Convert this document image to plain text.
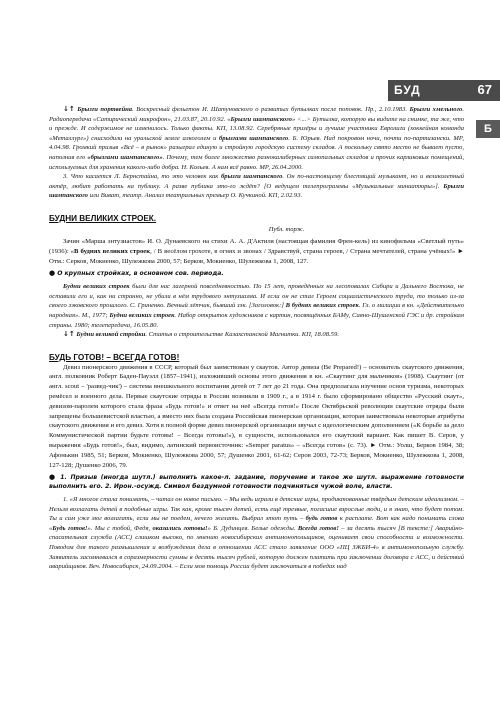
БУД	67
Б

↓↑ Брызги портвейна. Воскресный фельетон И. Шатуновского о развитых бутылках после поповок. Пр., 2.10.1983. Брызги хмельного. Радиопередача «Сатирический микрофон», 21.03.87, 20.10.92. «Брызги шампанского» <...> Бутылка, которую вы видите на снимке, та же, что и прежде. И содержимое не изменилось. Только факты. КП, 13.08.92. Серебряные призёры и лучшие участники Евролиги (хоккейная команда «Металлург») снисходили на уральской земле алкоголем и брызгами шампанского. Б. Юрьев. Над покровом ночи, почти по-партизански. МР, 4.04.98. Громкий призыв «Всё – в рынок» разыграл единую и стройную городскую систему складов. А поскольку свято место не бывает пусто, наполнив его «брызгами шампанского». Почему, тем более множество разнокалиберных самопальных складов и прочих карликовых помещений, используемых для хранения какого-либо добра. Н. Кольев. А нам всё равно. МР, 26.04.2000.

3. Что касается Л. Бернстайна, то это человек как брызги шампанского. Он по-настоящему блестящий музыкант, но и великолепный актёр, любит работать на публику. А разве публика это-го ждёт? [О ведущем телепрограммы «Музыкальные миниатюры»]. Брызги шампанского или Виват, театр. Анализ театральных премьер О. Кучкиной. КП, 2.02.93.

БУДНИ ВЕЛИКИХ СТРОЕК.
Публ. торж.

Зачин «Марша энтузиастов» И. О. Дунаевского на стихи А. А. Д'Актиля (настоящая фамилия Френ-кель) из кинофильма «Светлый путь» (1936): «В буднях великих строек, / В весёлом грохоте, в огнях и звонах / Здравствуй, страна героев, / Страна мечтателей, страна учёных!» ► Отм.: Серков, Мокиенко, Шулежкова 2000, 57; Берков, Мокиенко, Шулежкова 1, 2008, 127.

● О крупных стройках, в основном сов. периода.

Будни великих строек были для нас лагерной повседневностью. По 15 лет, проведённых на лесоповалах Сибири и Дальнего Востока, не оставили его и, как ни странно, не убили в нём трудового энтузиазма. И если он не стал Героем социалистического труда, то только из-за своего зэковского прошлого. С. Гриненко. Вечный лётчик, бывший зэк. [Заголовок:] В буднях великих строек. Гл. о милиции в кн. «Действительно народная». М., 1977; Будни великих строек. Набор открыток художников с картин, посвящённых БАМу, Саяно-Шушенской ГЭС и др. стройкам страны. 1980; телепередача, 16.05.80.

↓↑ Будни великой стройки. Статья о строительстве Казахстанской Магнитки. КП, 18.08.59.

БУДЬ ГОТОВ! – ВСЕГДА ГОТОВ!

Девиз пионерского движения в СССР, который был заимствован у скаутов. Автор девиза (Be Prepared!) – основатель скаутского движения, англ. полковник Роберт Баден-Пауэлл (1857–1941), изложивший основы этого движения в кн. «Скаутинг для мальчиков» (1908). Скаутинг (от англ. scout – 'развед-чик') – система внешкольного воспитания детей от 7 лет до 21 года. Она предполагала изучение основ туризма, некоторых ремёсел и военного дела. Первые скаутские отряды в России возникли в 1909 г., а в 1914 г. было сформировано общество «Русский скаут», девизом-паролем которого стала фраза «Будь готов!» и ответ на неё «Всегда готов!» После Октябрьской революции скаутские отряды были запрещены большевистской властью, а вместо них была создана Российская пионерская организация, которая заимствовала некоторые атрибуты скаутского движения и его девиз. Хотя в полной форме девиз пионерской организации звучал с идеологическим дополнением («К борьбе за дело Коммунистической партии будьте готовы! – Всегда готовы!»), в сущности, использовался его скаутский вариант. Как пишет В. Серов, у выражения «Будь готов!», был, видимо, латинский первоисточник: «Semper paratus» – «Всегда готов» (с. 73). ► Отм.: Уолш, Берков 1984, 38; Афонькин 1985, 51; Берков, Мокиенко, Шулежкова 2000, 57; Душенко 2001, 61-62; Серов 2003, 72-73; Берков, Мокиенко, Шулежкова 1, 2008, 127-128; Душенко 2006, 79.

● 1. Призыв (иногда шутл.) выполнить какое-л. задание, поручение и такое же шутл. выражение готовности выполнить его. 2. Ирон.-осужд. Символ бездумной готовности подчиняться чужой воле, власти.

1. «Я многое стала понимать, – читал он новое письмо. – Мы ведь играли в детские игры, продиктованные твёрдым детским идеализмом. – Нельзя возлагать детей в подобные игры. Так как, кроме тысяч детей, есть ещё трезвые, погасшие взрослые люди, и я знаю, что будет потом. Ты и сам уже мог возлагать, если мы не поедем, нечего желать. Выбрал этот путь – будь готов к расплате. Вот как надо понимать слова «Будь готов!». Мы с тобой, Федя, оказались готовы!» Б. Дудинцев. Белые одежды. Всегда готов! – за десять тысяч [В тексте:] Аварийно-спасательная служба (АСС) слишком высоко, по мнению новосибирских антимонопольщиков, оценивает свои способности и возможности. Поводом для такого размышления и возбуждения дела в отношении АСС стало заявление ООО «ПЦ ЗЖБИ-4» в антимонопольную службу. Заявитель засомневался в соразмерности суммы в десять тысяч рублей, которую должен платить при заключении договора с АСС, и действий аварийщиков. Веч. Новосибирск, 24.09.2004. – Если моя помощь России будет заключаться в победах над
